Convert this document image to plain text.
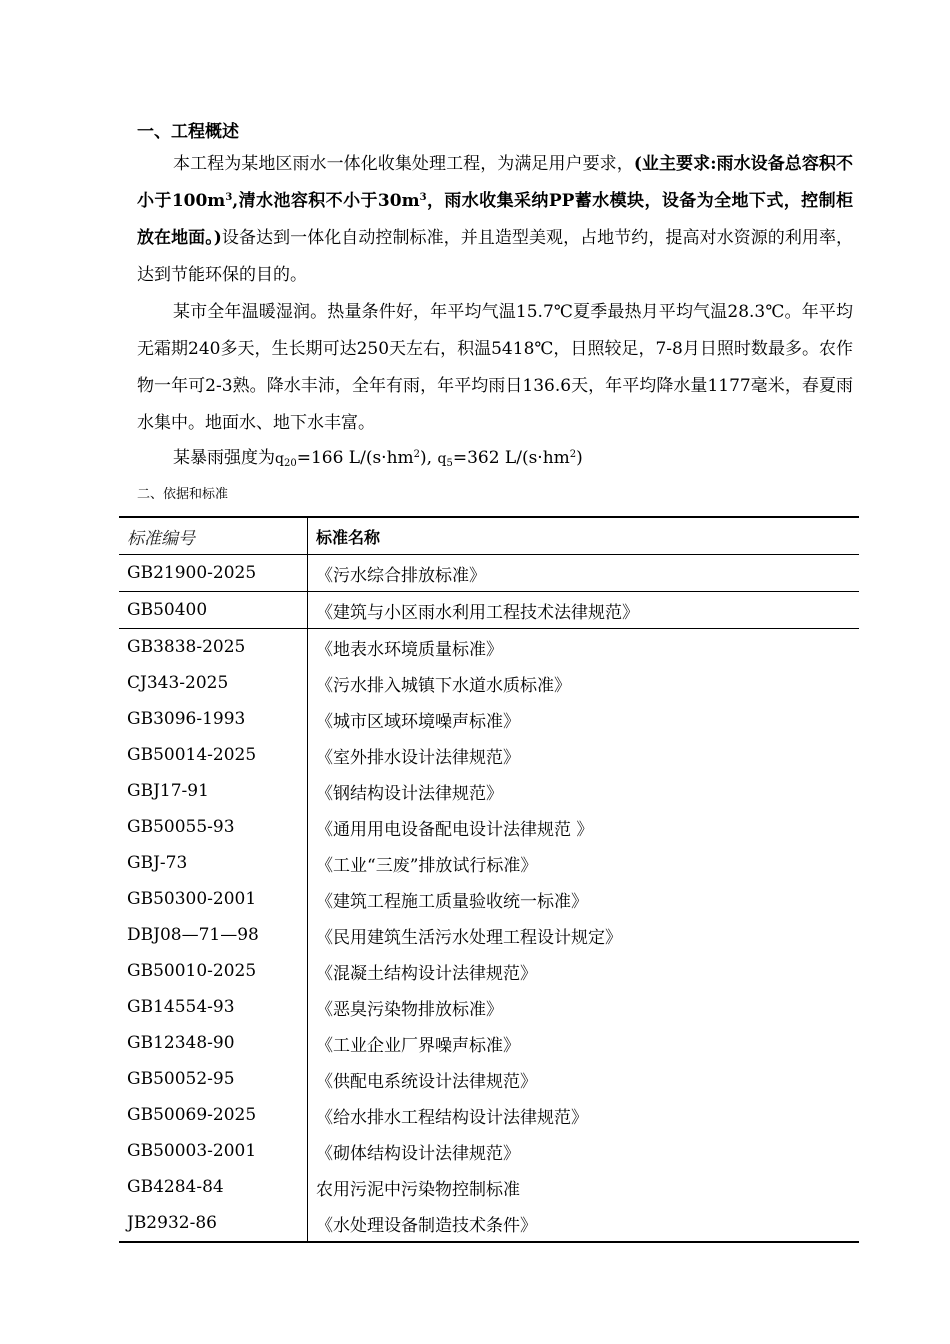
一、工程概述
本工程为某地区雨水一体化收集处理工程，为满足用户要求，(业主要求:雨水设备总容积不小于$100m^3$,清水池容积不小于$30m^3$，雨水收集采纳PP蓄水模块，设备为全地下式，控制柜放在地面。)设备达到一体化自动控制标准，并且造型美观，占地节约，提高对水资源的利用率，达到节能环保的目的。
某市全年温暖湿润。热量条件好，年平均气温15.7℃夏季最热月平均气温28.3℃。年平均无霜期240多天，生长期可达250天左右，积温5418℃，日照较足，7-8月日照时数最多。农作物一年可2-3熟。降水丰沛，全年有雨，年平均雨日136.6天，年平均降水量1177毫米，春夏雨水集中。地面水、地下水丰富。
某暴雨强度为$q_{20}=166$ $L/(s\cdot hm^2)$, $q_5=362$ $L/(s\cdot hm^2)$
二、依据和标准
标准编号	标准名称
GB21900-2025	《污水综合排放标准》
GB50400	《建筑与小区雨水利用工程技术法律规范》
GB3838-2025	《地表水环境质量标准》
CJ343-2025	《污水排入城镇下水道水质标准》
GB3096-1993	《城市区域环境噪声标准》
GB50014-2025	《室外排水设计法律规范》
GBJ17-91	《钢结构设计法律规范》
GB50055-93	《通用用电设备配电设计法律规范 》
GBJ-73	《工业“三废”排放试行标准》
GB50300-2001	《建筑工程施工质量验收统一标准》
DBJ08—71—98	《民用建筑生活污水处理工程设计规定》
GB50010-2025	《混凝土结构设计法律规范》
GB14554-93	《恶臭污染物排放标准》
GB12348-90	《工业企业厂界噪声标准》
GB50052-95	《供配电系统设计法律规范》
GB50069-2025	《给水排水工程结构设计法律规范》
GB50003-2001	《砌体结构设计法律规范》
GB4284-84	农用污泥中污染物控制标准
JB2932-86	《水处理设备制造技术条件》
